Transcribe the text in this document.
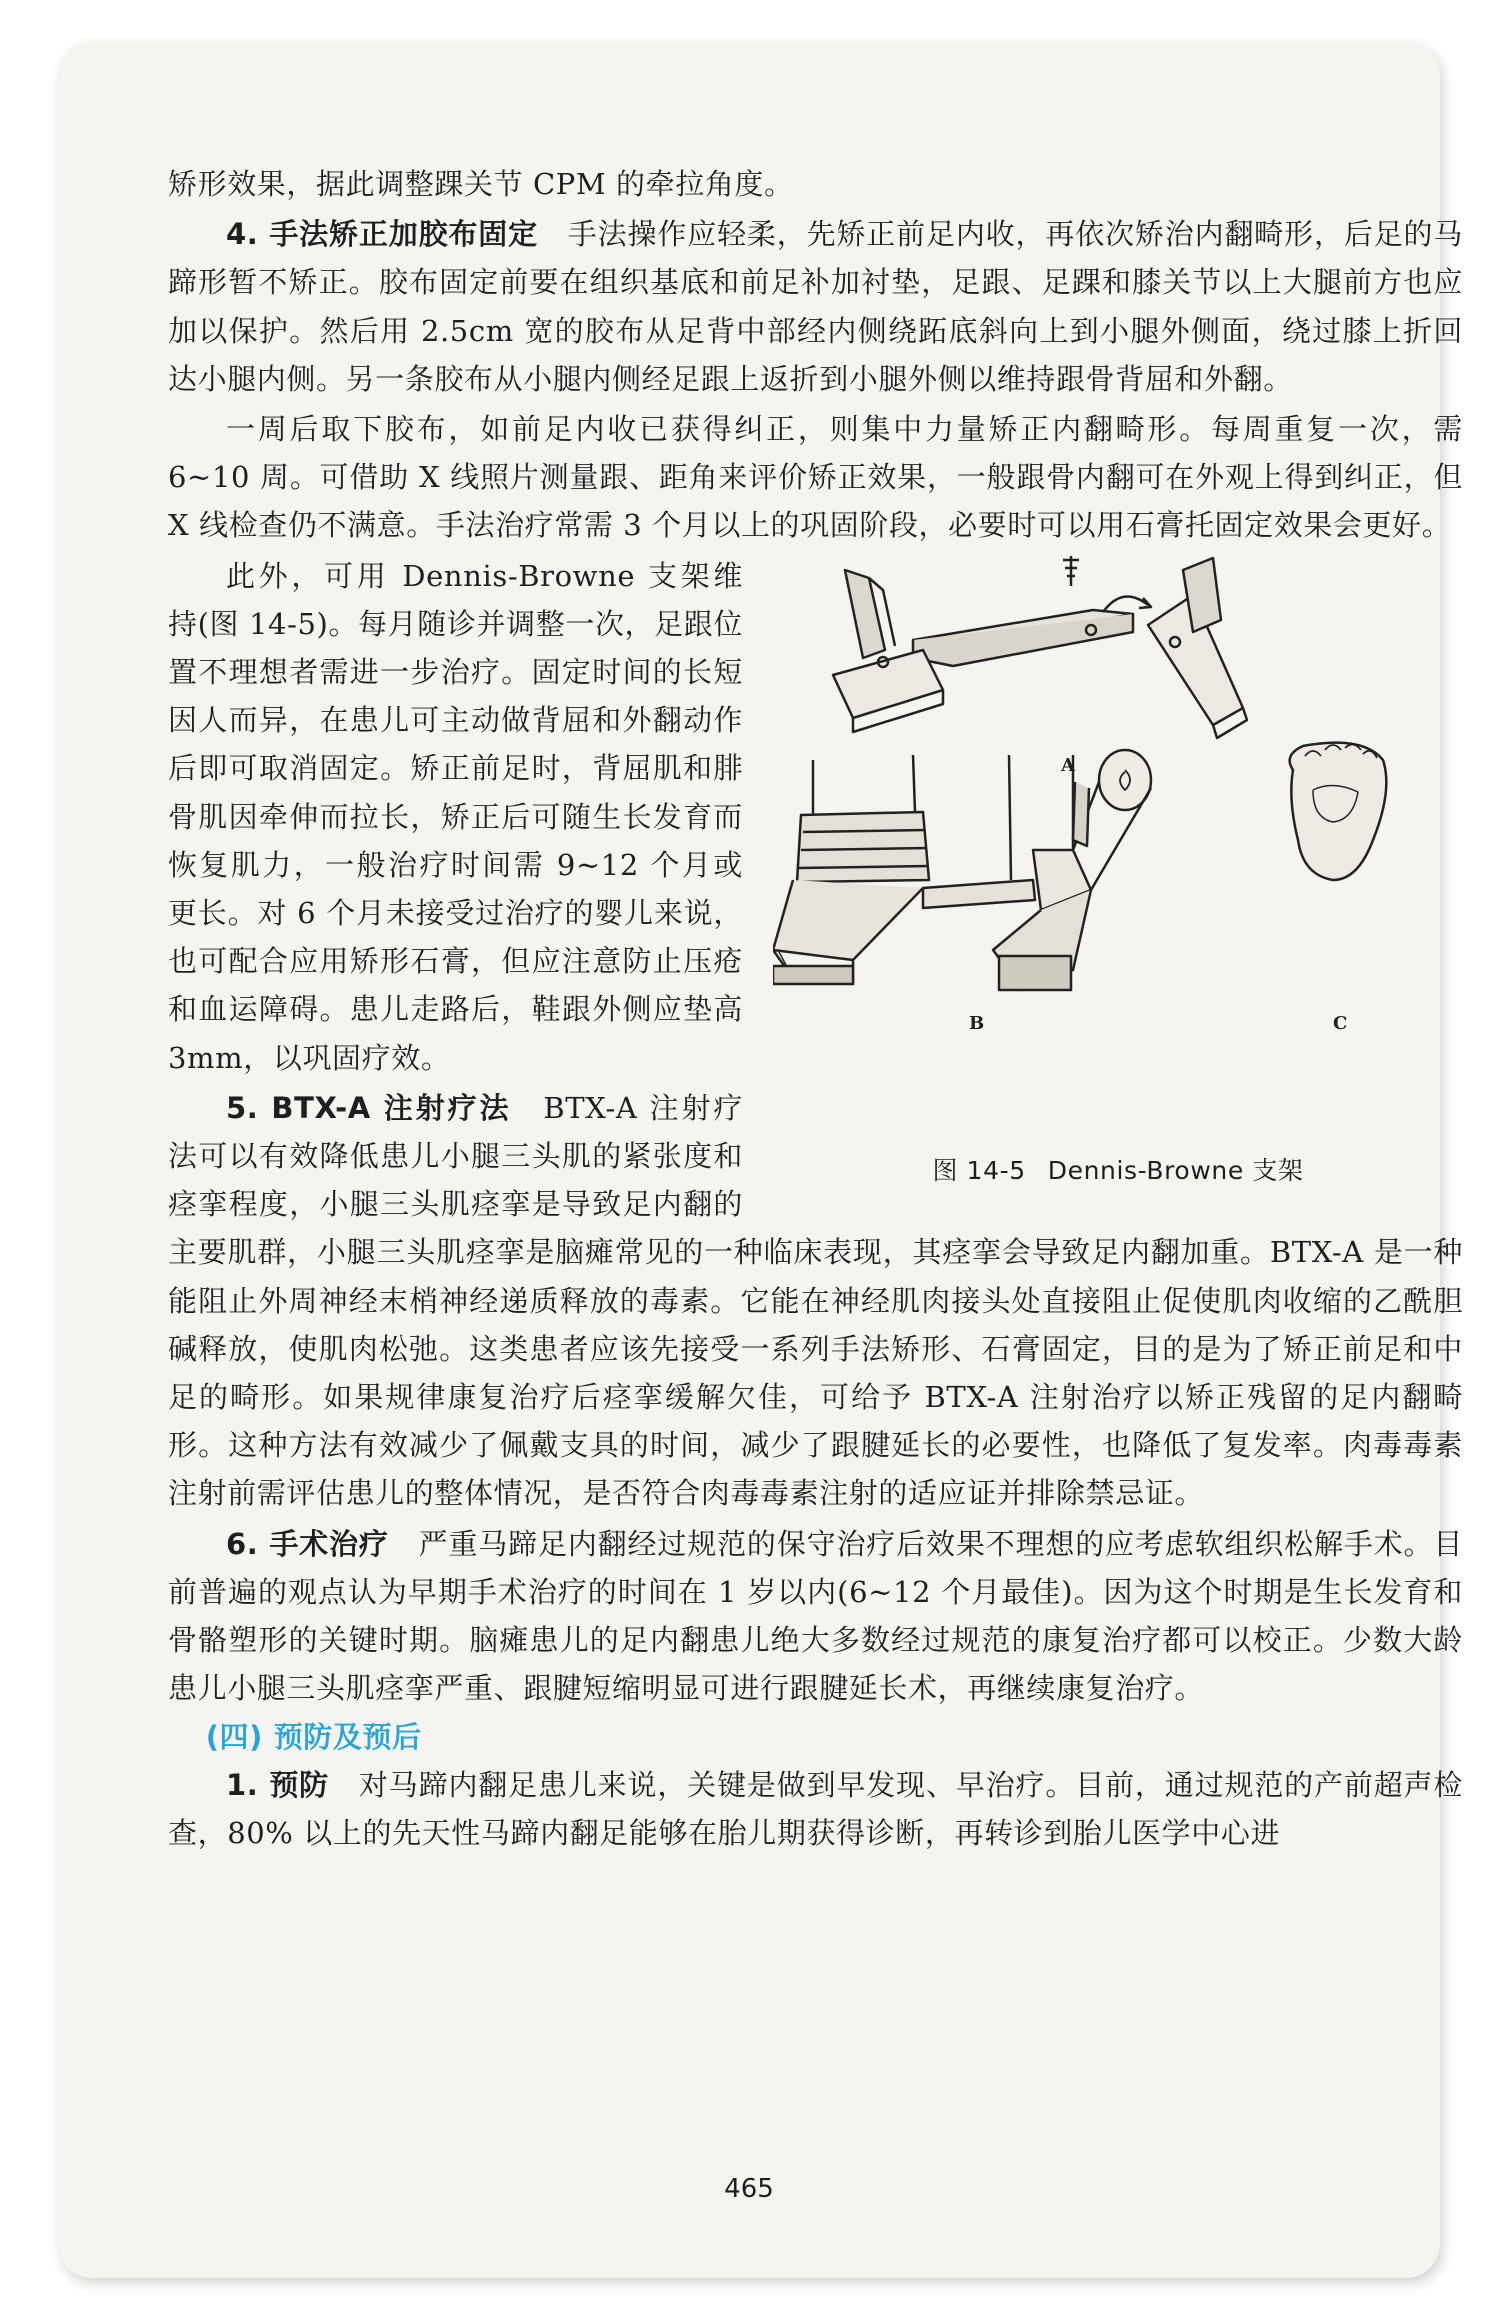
矫形效果，据此调整踝关节 CPM 的牵拉角度。

4. 手法矫正加胶布固定　 手法操作应轻柔，先矫正前足内收，再依次矫治内翻畸形，后足的马蹄形暂不矫正。胶布固定前要在组织基底和前足补加衬垫，足跟、足踝和膝关节以上大腿前方也应加以保护。然后用 2.5cm 宽的胶布从足背中部经内侧绕跖底斜向上到小腿外侧面，绕过膝上折回达小腿内侧。另一条胶布从小腿内侧经足跟上返折到小腿外侧以维持跟骨背屈和外翻。

一周后取下胶布，如前足内收已获得纠正，则集中力量矫正内翻畸形。每周重复一次，需 6~10 周。可借助 X 线照片测量跟、距角来评价矫正效果，一般跟骨内翻可在外观上得到纠正，但 X 线检查仍不满意。手法治疗常需 3 个月以上的巩固阶段，必要时可以用石膏托固定效果会更好。

A
B	C
图 14-5 Dennis-Browne 支架

此外，可用 Dennis-Browne 支架维持(图 14-5)。每月随诊并调整一次，足跟位置不理想者需进一步治疗。固定时间的长短因人而异，在患儿可主动做背屈和外翻动作后即可取消固定。矫正前足时，背屈肌和腓骨肌因牵伸而拉长，矫正后可随生长发育而恢复肌力，一般治疗时间需 9~12 个月或更长。对 6 个月未接受过治疗的婴儿来说，也可配合应用矫形石膏，但应注意防止压疮和血运障碍。患儿走路后，鞋跟外侧应垫高 3mm，以巩固疗效。

5. BTX-A 注射疗法　 BTX-A 注射疗法可以有效降低患儿小腿三头肌的紧张度和痉挛程度，小腿三头肌痉挛是导致足内翻的主要肌群，小腿三头肌痉挛是脑瘫常见的一种临床表现，其痉挛会导致足内翻加重。BTX-A 是一种能阻止外周神经末梢神经递质释放的毒素。它能在神经肌肉接头处直接阻止促使肌肉收缩的乙酰胆碱释放，使肌肉松弛。这类患者应该先接受一系列手法矫形、石膏固定，目的是为了矫正前足和中足的畸形。如果规律康复治疗后痉挛缓解欠佳，可给予 BTX-A 注射治疗以矫正残留的足内翻畸形。这种方法有效减少了佩戴支具的时间，减少了跟腱延长的必要性，也降低了复发率。肉毒毒素注射前需评估患儿的整体情况，是否符合肉毒毒素注射的适应证并排除禁忌证。

6. 手术治疗　 严重马蹄足内翻经过规范的保守治疗后效果不理想的应考虑软组织松解手术。目前普遍的观点认为早期手术治疗的时间在 1 岁以内(6~12 个月最佳)。因为这个时期是生长发育和骨骼塑形的关键时期。脑瘫患儿的足内翻患儿绝大多数经过规范的康复治疗都可以校正。少数大龄患儿小腿三头肌痉挛严重、跟腱短缩明显可进行跟腱延长术，再继续康复治疗。

(四) 预防及预后

1. 预防　 对马蹄内翻足患儿来说，关键是做到早发现、早治疗。目前，通过规范的产前超声检查，80% 以上的先天性马蹄内翻足能够在胎儿期获得诊断，再转诊到胎儿医学中心进

465
